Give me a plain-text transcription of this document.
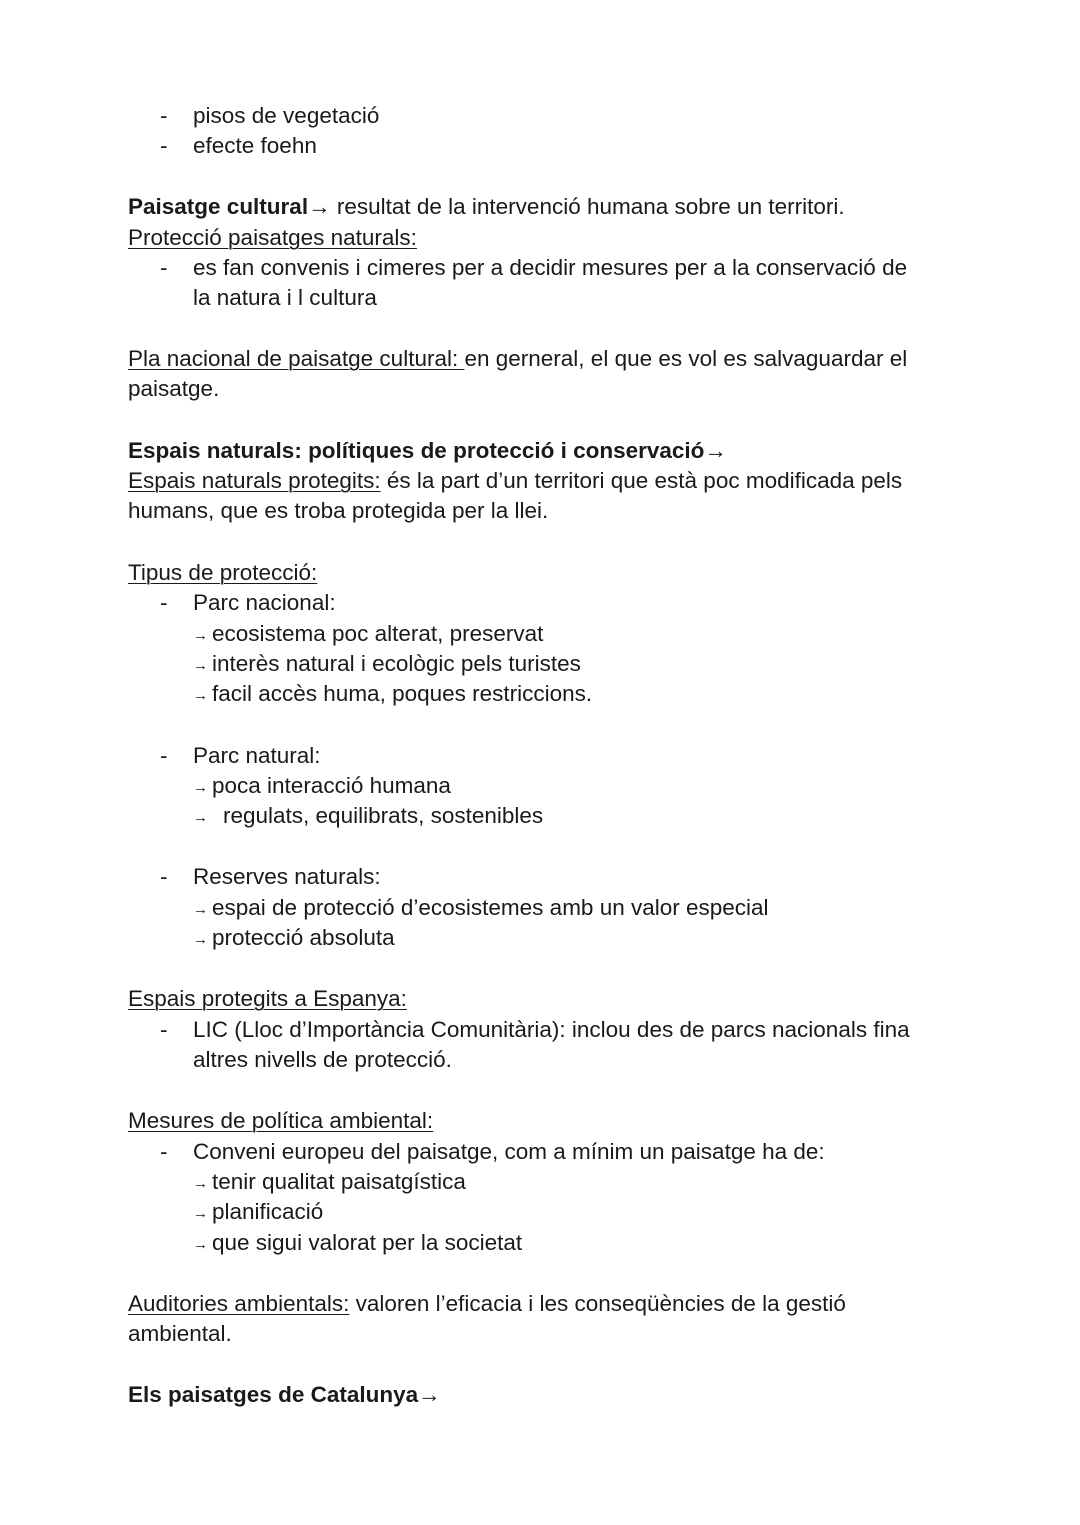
- pisos de vegetació
- efecte foehn
Paisatge cultural→ resultat de la intervenció humana sobre un territori.
Protecció paisatges naturals:
- es fan convenis i cimeres per a decidir mesures per a la conservació de
la natura i l cultura
Pla nacional de paisatge cultural: en gerneral, el que es vol es salvaguardar el
paisatge.
Espais naturals: polítiques de protecció i conservació→
Espais naturals protegits: és la part d’un territori que està poc modificada pels
humans, que es troba protegida per la llei.
Tipus de protecció:
- Parc nacional:
→ ecosistema poc alterat, preservat
→ interès natural i ecològic pels turistes
→ facil accès huma, poques restriccions.
- Parc natural:
→ poca interacció humana
→ regulats, equilibrats, sostenibles
- Reserves naturals:
→ espai de protecció d’ecosistemes amb un valor especial
→ protecció absoluta
Espais protegits a Espanya:
- LIC (Lloc d’Importància Comunitària): inclou des de parcs nacionals fina
altres nivells de protecció.
Mesures de política ambiental:
- Conveni europeu del paisatge, com a mínim un paisatge ha de:
→ tenir qualitat paisatgística
→ planificació
→ que sigui valorat per la societat
Auditories ambientals: valoren l’eficacia i les conseqüències de la gestió
ambiental.
Els paisatges de Catalunya→
